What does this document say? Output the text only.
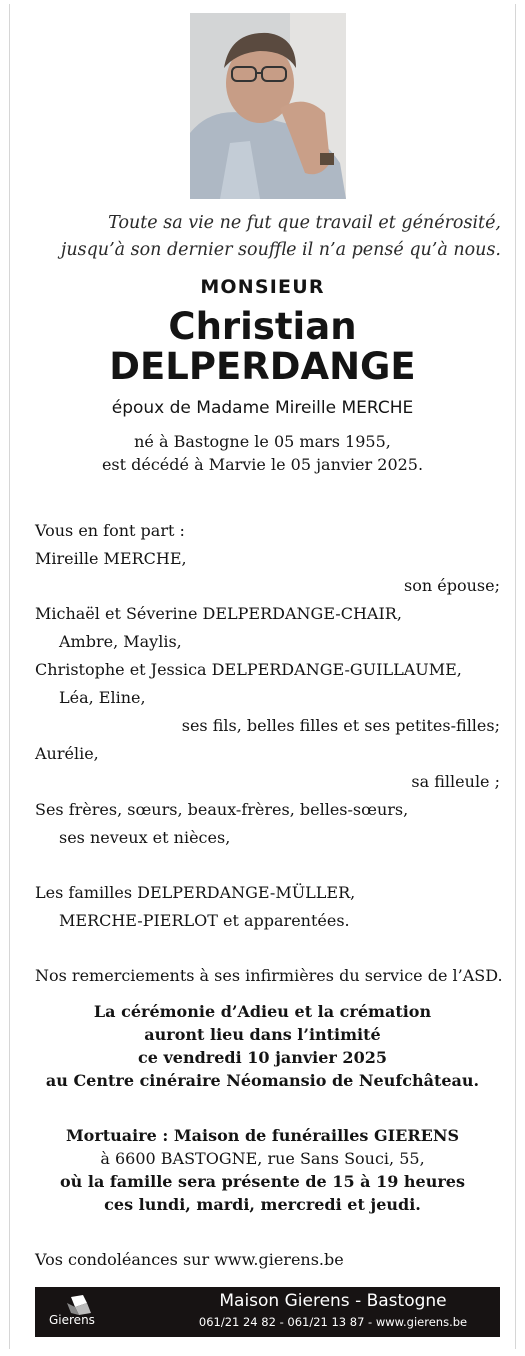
Toute sa vie ne fut que travail et générosité,
jusqu’à son dernier souffle il n’a pensé qu’à nous.
MONSIEUR
Christian
DELPERDANGE
époux de Madame Mireille MERCHE
né à Bastogne le 05 mars 1955,
est décédé à Marvie le 05 janvier 2025.
Vous en font part :
Mireille MERCHE,
son épouse;
Michaël et Séverine DELPERDANGE-CHAIR,
Ambre, Maylis,
Christophe et Jessica DELPERDANGE-GUILLAUME,
Léa, Eline,
ses fils, belles filles et ses petites-filles;
Aurélie,
sa filleule ;
Ses frères, sœurs, beaux-frères, belles-sœurs,
ses neveux et nièces,
Les familles DELPERDANGE-MÜLLER,
MERCHE-PIERLOT et apparentées.
Nos remerciements à ses infirmières du service de l’ASD.
La cérémonie d’Adieu et la crémation
auront lieu dans l’intimité
ce vendredi 10 janvier 2025
au Centre cinéraire Néomansio de Neufchâteau.
Mortuaire : Maison de funérailles GIERENS
à 6600 BASTOGNE, rue Sans Souci, 55,
où la famille sera présente de 15 à 19 heures
ces lundi, mardi, mercredi et jeudi.
Vos condoléances sur www.gierens.be
Gierens
Maison Gierens - Bastogne
061/21 24 82 - 061/21 13 87 - www.gierens.be
